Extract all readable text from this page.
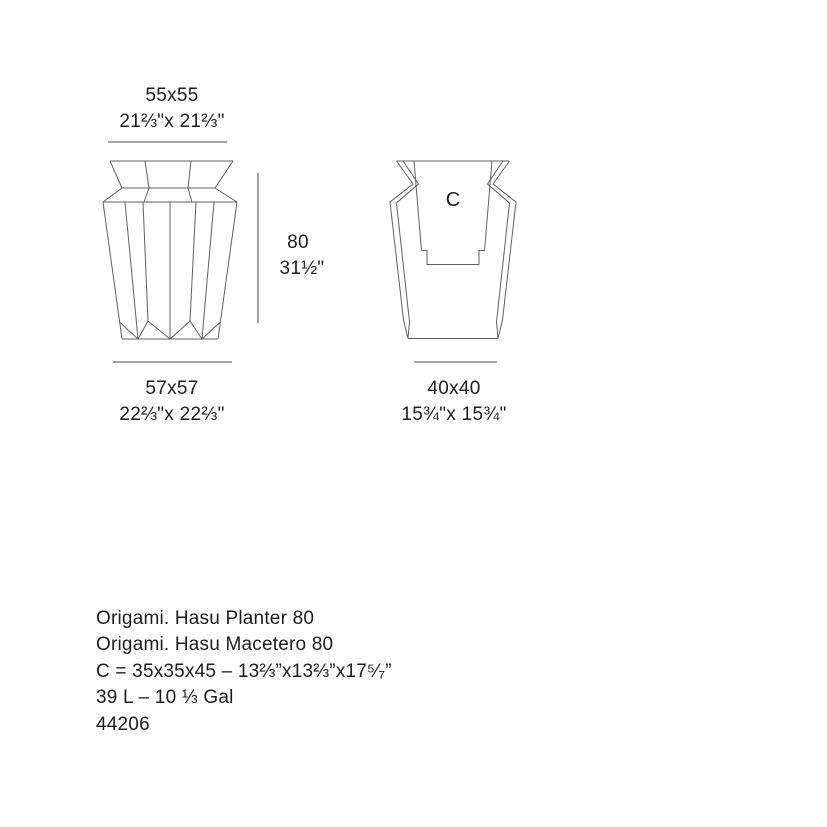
55x55
21⅔"x 21⅔"
57x57
22⅔"x 22⅔"
80
31½"
C
40x40
15¾"x 15¾"
Origami. Hasu Planter 80
Origami. Hasu Macetero 80
C = 35x35x45 – 13⅔”x13⅔”x17⁵⁄₇”
39 L – 10 ⅓ Gal
44206
